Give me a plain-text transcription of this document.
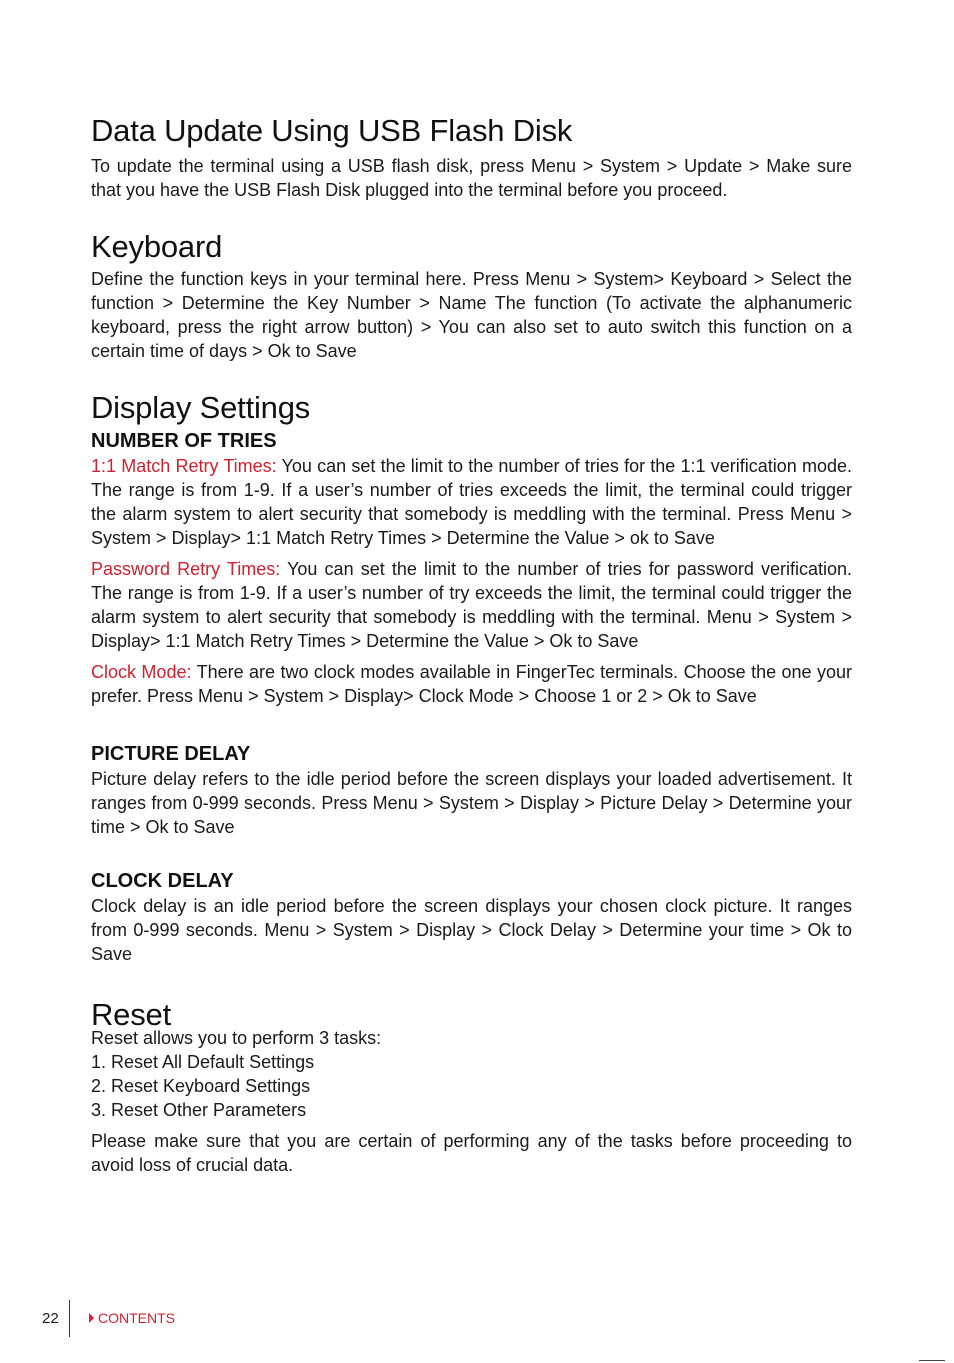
Data Update Using USB Flash Disk

To update the terminal using a USB flash disk, press Menu > System > Update > Make sure that you have the USB Flash Disk plugged into the terminal before you proceed.

Keyboard

Define the function keys in your terminal here. Press Menu > System> Keyboard > Select the function > Determine the Key Number > Name The function (To activate the alphanumeric keyboard, press the right arrow button) > You can also set to auto switch this function on a certain time of days > Ok to Save

Display Settings
NUMBER OF TRIES

1:1 Match Retry Times: You can set the limit to the number of tries for the 1:1 verification mode. The range is from 1-9. If a user’s number of tries exceeds the limit, the terminal could trigger the alarm system to alert security that somebody is meddling with the terminal. Press Menu > System > Display> 1:1 Match Retry Times > Determine the Value > ok to Save

Password Retry Times: You can set the limit to the number of tries for password verification. The range is from 1-9. If a user’s number of try exceeds the limit, the terminal could trigger the alarm system to alert security that somebody is meddling with the terminal. Menu > System > Display> 1:1 Match Retry Times > Determine the Value > Ok to Save

Clock Mode: There are two clock modes available in FingerTec terminals. Choose the one your prefer. Press Menu > System > Display> Clock Mode > Choose 1 or 2 > Ok to Save

PICTURE DELAY

Picture delay refers to the idle period before the screen displays your loaded advertisement. It ranges from 0-999 seconds. Press Menu > System > Display > Picture Delay > Determine your time > Ok to Save

CLOCK DELAY

Clock delay is an idle period before the screen displays your chosen clock picture. It ranges from 0-999 seconds. Menu > System > Display > Clock Delay > Determine your time > Ok to Save

Reset

Reset allows you to perform 3 tasks:

1. Reset All Default Settings
2. Reset Keyboard Settings
3. Reset Other Parameters

Please make sure that you are certain of performing any of the tasks before proceeding to avoid loss of crucial data.

22	CONTENTS
